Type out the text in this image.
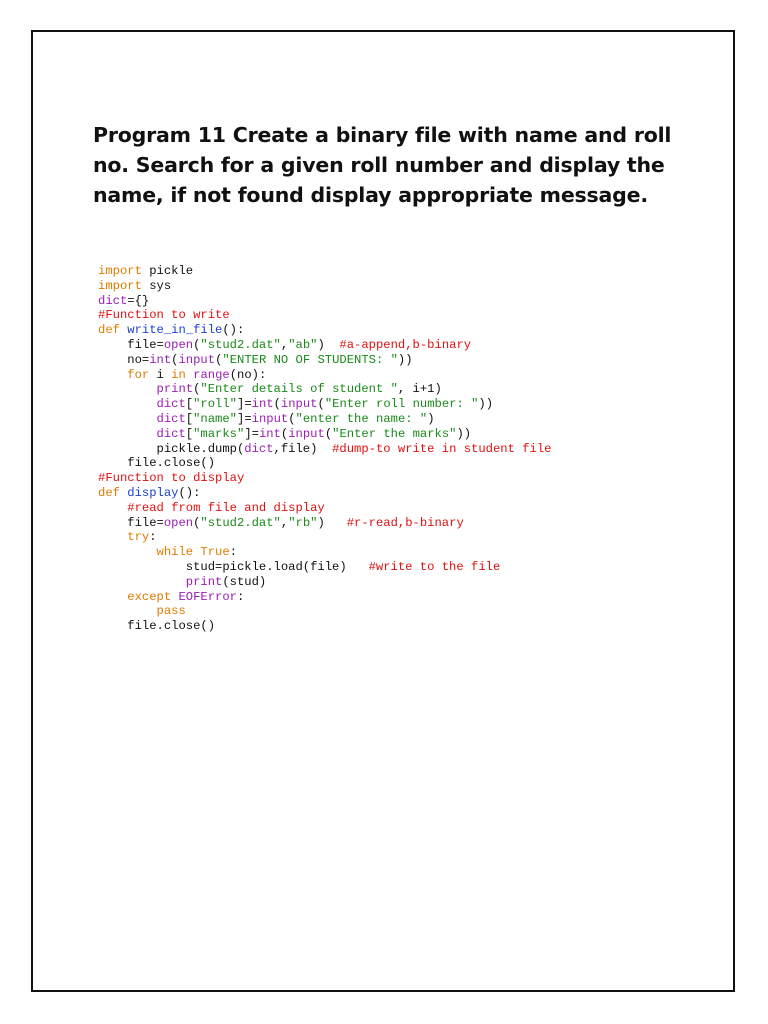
Program 11 Create a binary file with name and roll no. Search for a given roll number and display the name, if not found display appropriate message.
import pickle
import sys
dict={}
#Function to write
def write_in_file():
file=open("stud2.dat","ab")  #a-append,b-binary
no=int(input("ENTER NO OF STUDENTS: "))
for i in range(no):
print("Enter details of student ", i+1)
dict["roll"]=int(input("Enter roll number: "))
dict["name"]=input("enter the name: ")
dict["marks"]=int(input("Enter the marks"))
pickle.dump(dict,file)  #dump-to write in student file
file.close()
#Function to display
def display():
#read from file and display
file=open("stud2.dat","rb")   #r-read,b-binary
try:
while True:
stud=pickle.load(file)   #write to the file
print(stud)
except EOFError:
pass
file.close()
